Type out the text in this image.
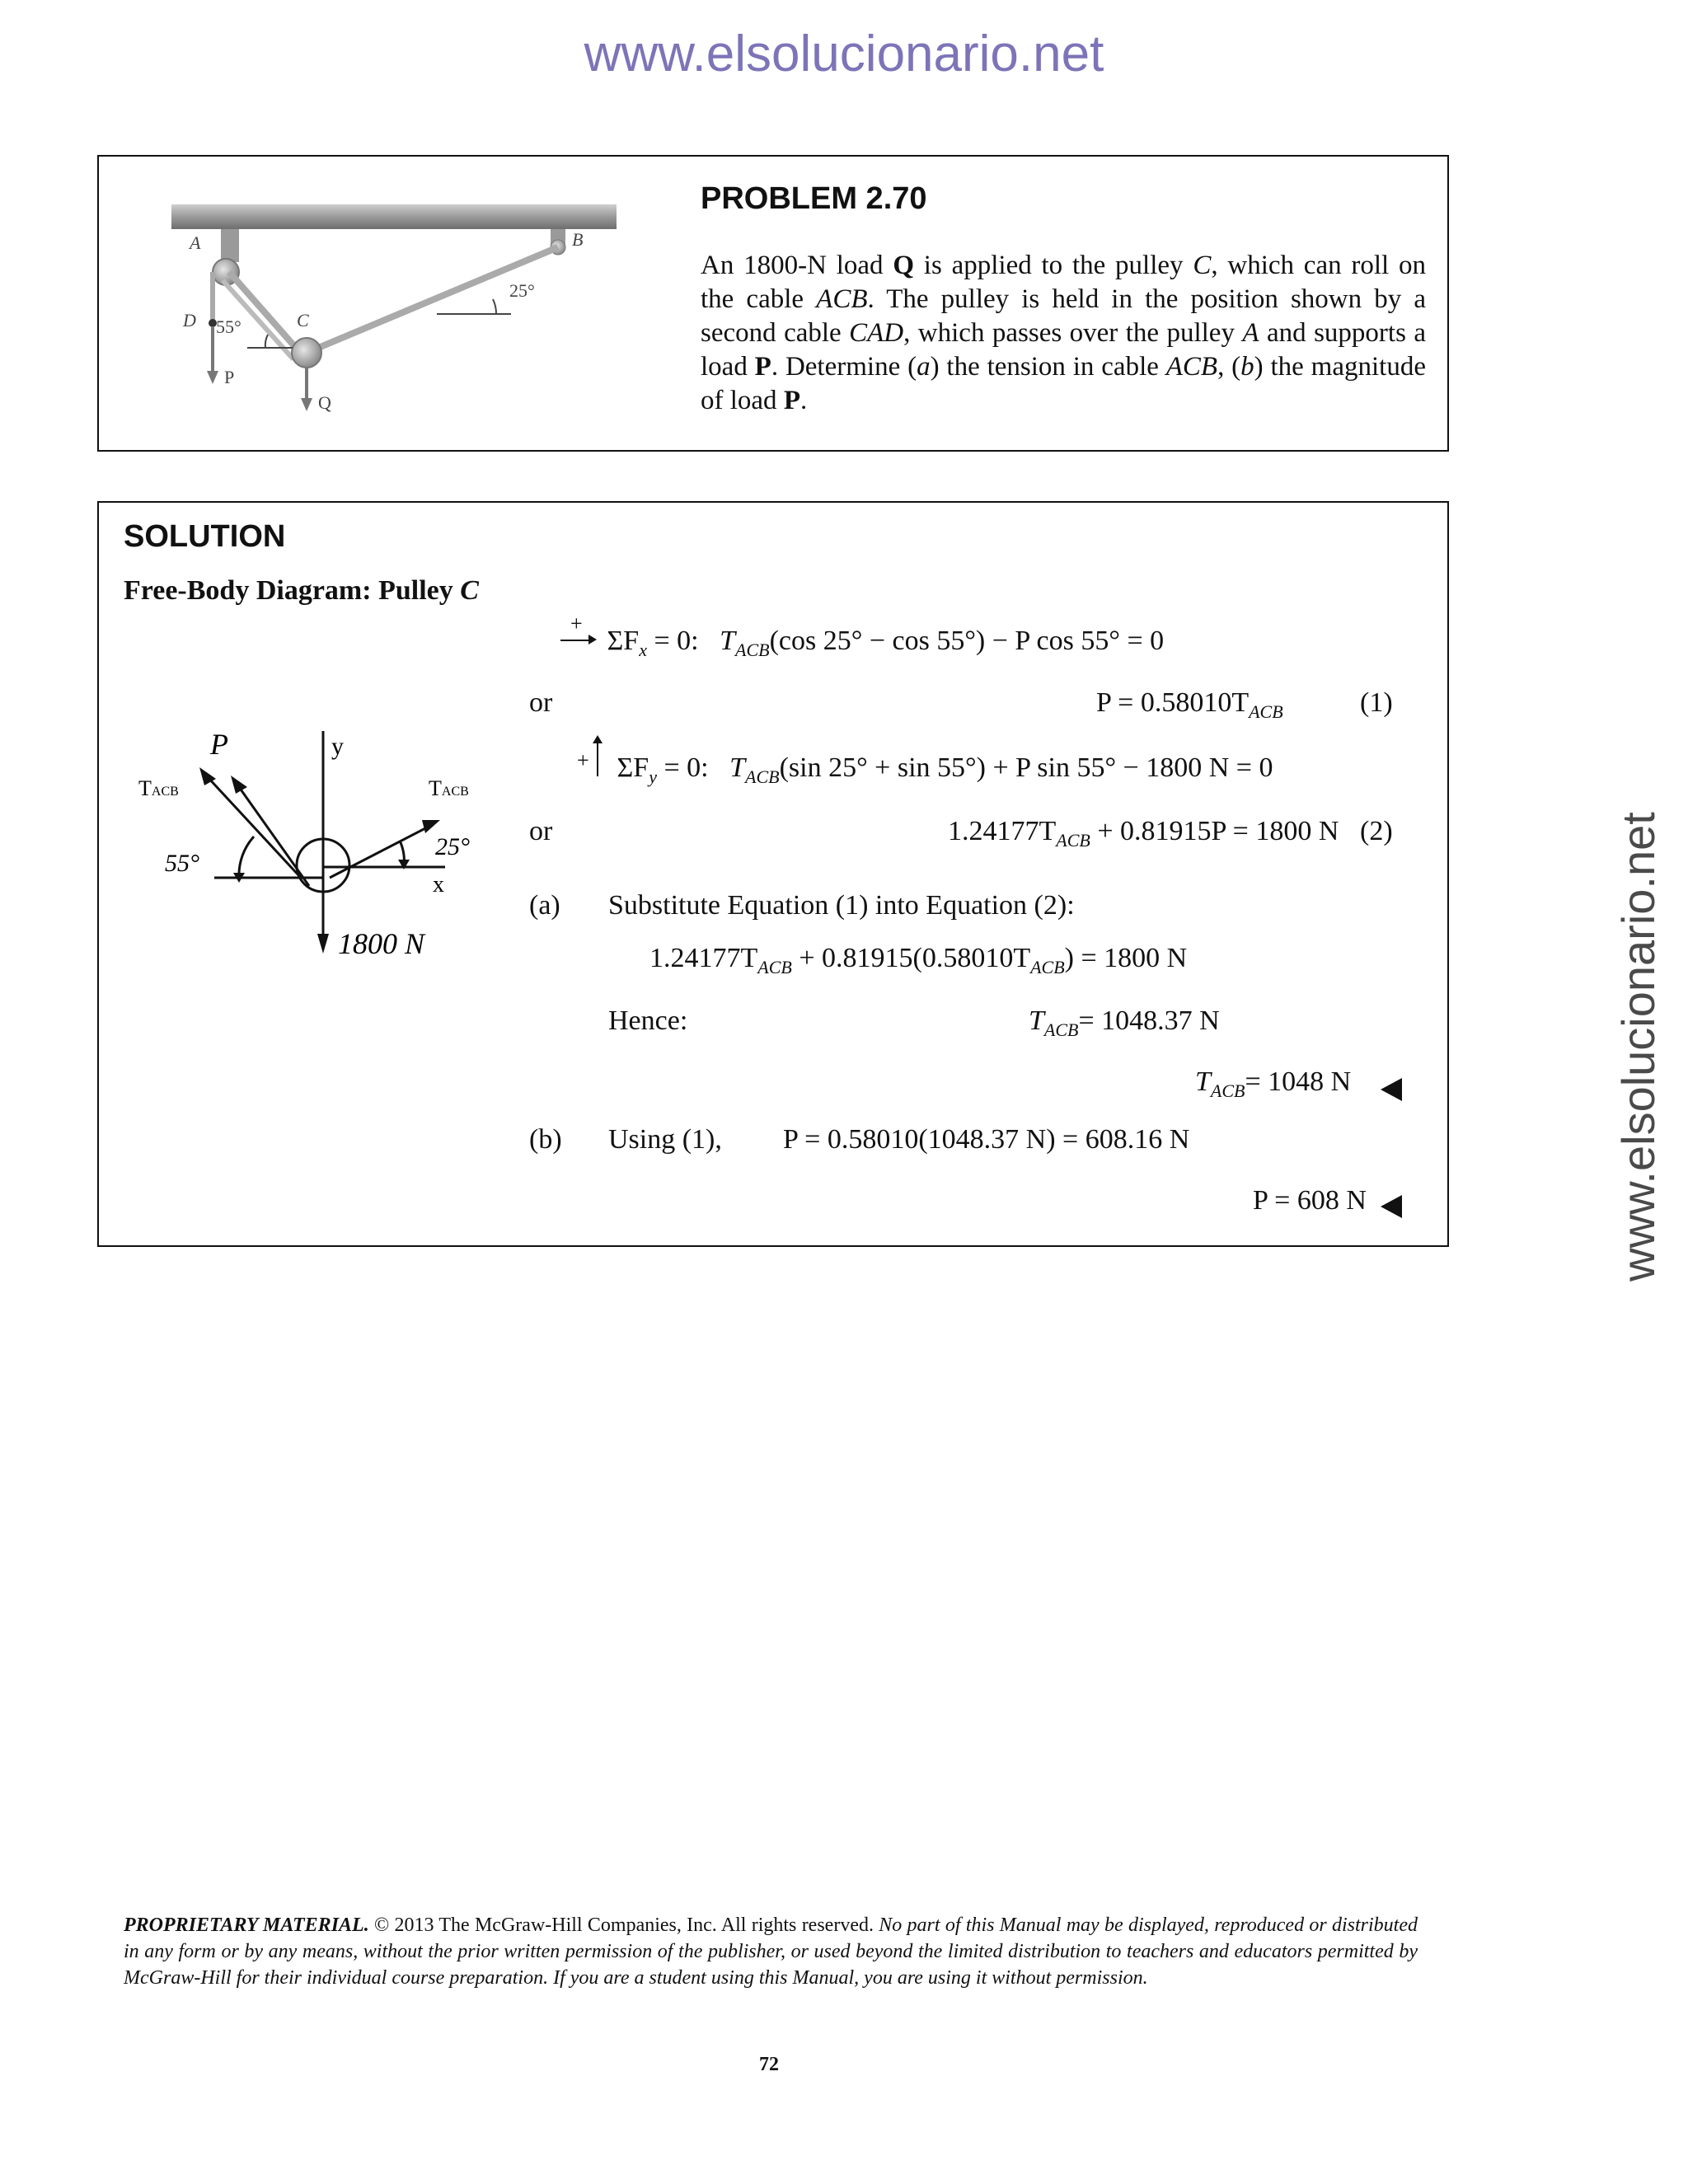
www.elsolucionario.net
www.elsolucionario.net
A	B
C
D
P
Q
25°
55°
PROBLEM 2.70
An 1800-N load Q is applied to the pulley C, which can roll on the cable ACB. The pulley is held in the position shown by a second cable CAD, which passes over the pulley A and supports a load P. Determine (a) the tension in cable ACB, (b) the magnitude of load P.
SOLUTION
Free-Body Diagram: Pulley C
P	y
TACB	TACB
55°
25°
x
1800 N
+
$\Sigma F_x = 0$: $T_{ACB}(\cos$ 25° − cos 55°) − P cos 55° = 0
or	$P = 0.58010T_{ACB}$	(1)
+ $\Sigma F_y = 0$: $T_{ACB}(\sin$ 25° + sin 55°) + P sin 55° − 1800 N = 0
or	$1.24177T_{ACB} + 0.81915P = 1800$ N (2)
(a) Substitute Equation (1) into Equation (2):
$1.24177T_{ACB} + 0.81915(0.58010T_{ACB}) = 1800$ N
Hence:	$T_{ACB}= 1048.37$ N
$T_{ACB}= 1048$ N
(b) Using (1), P = 0.58010(1048.37 N) = 608.16 N
P = 608 N
PROPRIETARY MATERIAL. © 2013 The McGraw-Hill Companies, Inc. All rights reserved. No part of this Manual may be displayed, reproduced or distributed in any form or by any means, without the prior written permission of the publisher, or used beyond the limited distribution to teachers and educators permitted by McGraw-Hill for their individual course preparation. If you are a student using this Manual, you are using it without permission.
72
